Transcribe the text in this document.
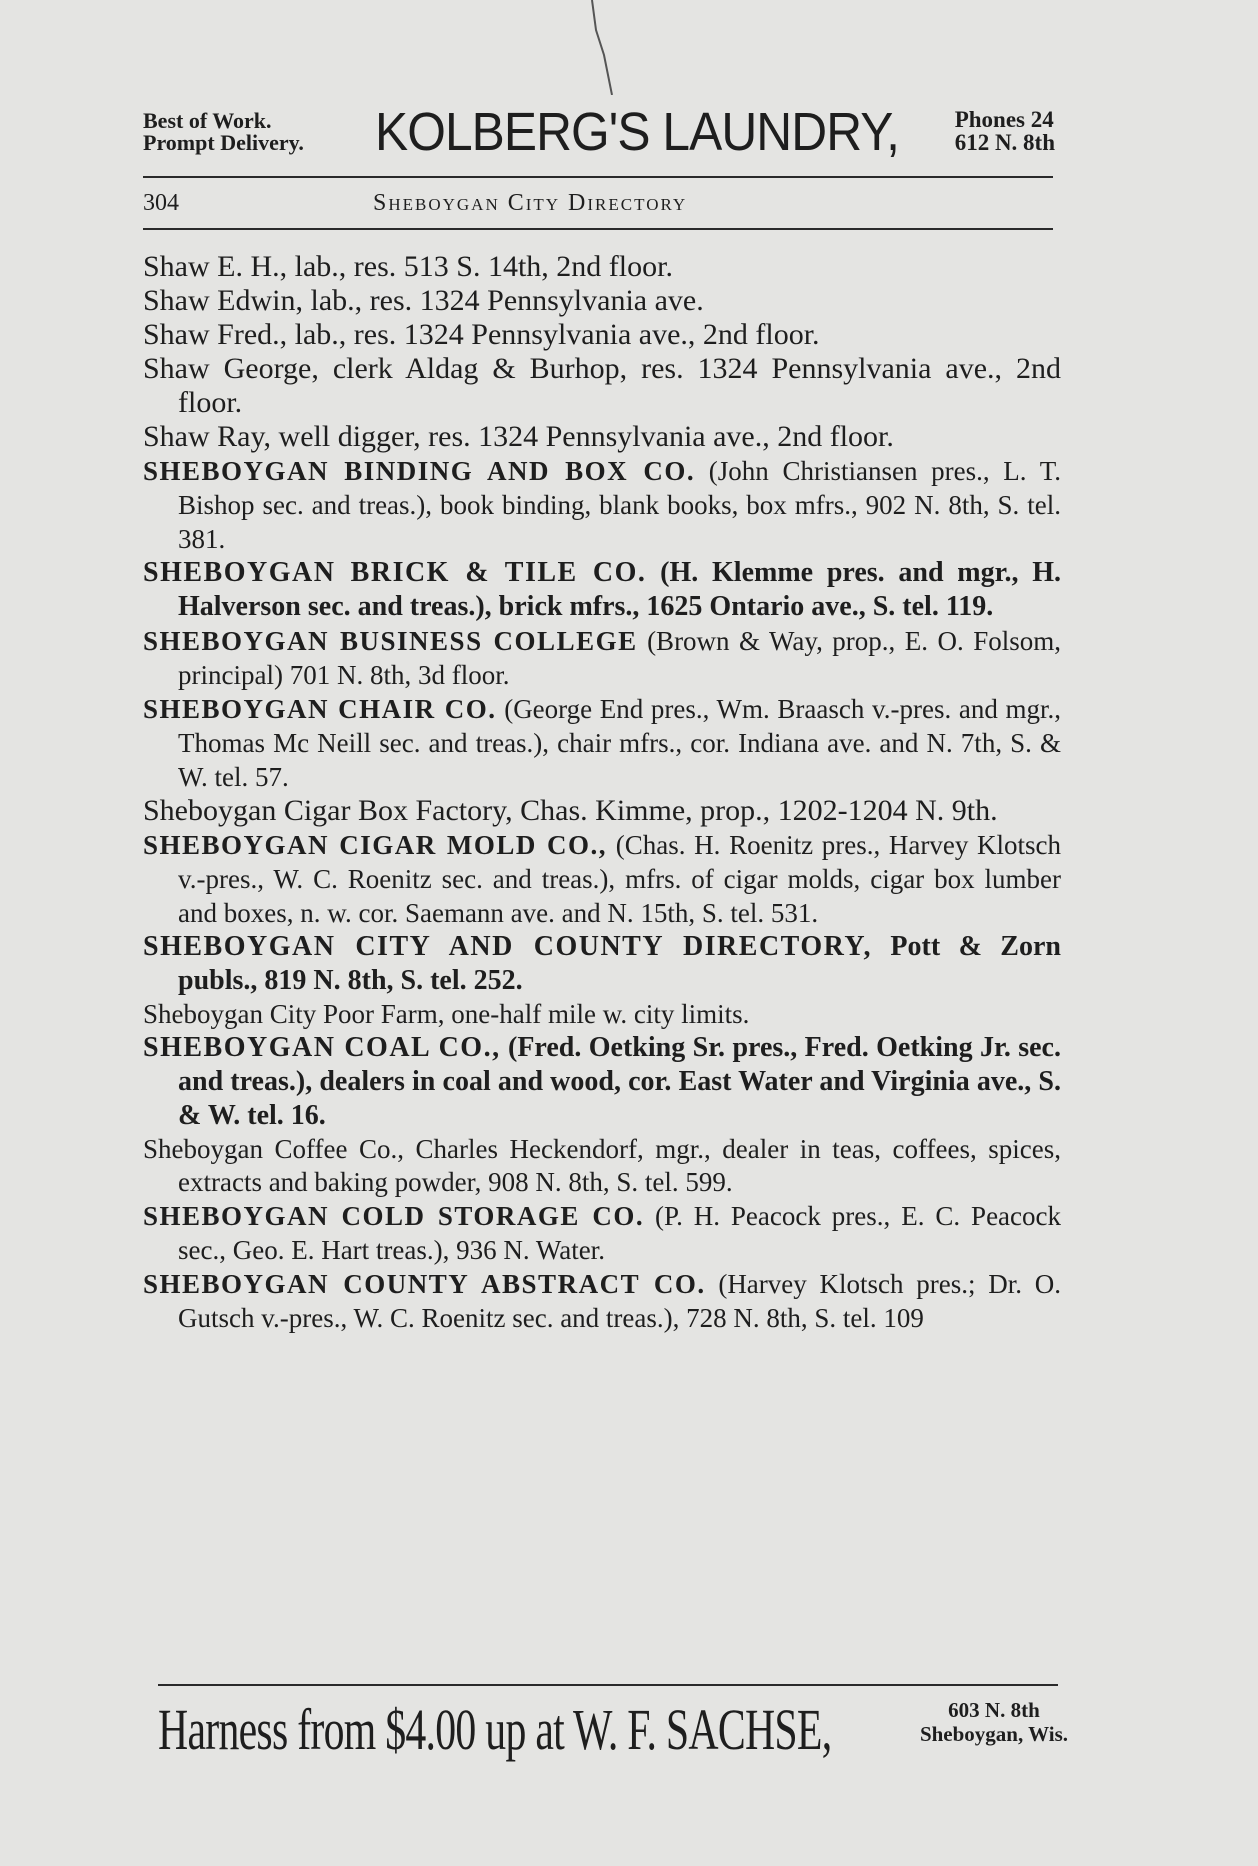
Best of Work.
Prompt Delivery. KOLBERG'S LAUNDRY, Phones 24
612 N. 8th
304	Sheboygan City Directory
Shaw E. H., lab., res. 513 S. 14th, 2nd floor.
Shaw Edwin, lab., res. 1324 Pennsylvania ave.
Shaw Fred., lab., res. 1324 Pennsylvania ave., 2nd floor.
Shaw George, clerk Aldag & Burhop, res. 1324 Pennsylvania ave., 2nd floor.
Shaw Ray, well digger, res. 1324 Pennsylvania ave., 2nd floor.
SHEBOYGAN BINDING AND BOX CO. (John Christiansen pres., L. T. Bishop sec. and treas.), book binding, blank books, box mfrs., 902 N. 8th, S. tel. 381.
SHEBOYGAN BRICK & TILE CO. (H. Klemme pres. and mgr., H. Halverson sec. and treas.), brick mfrs., 1625 Ontario ave., S. tel. 119.
SHEBOYGAN BUSINESS COLLEGE (Brown & Way, prop., E. O. Folsom, principal) 701 N. 8th, 3d floor.
SHEBOYGAN CHAIR CO. (George End pres., Wm. Braasch v.-pres. and mgr., Thomas Mc Neill sec. and treas.), chair mfrs., cor. Indiana ave. and N. 7th, S. & W. tel. 57.
Sheboygan Cigar Box Factory, Chas. Kimme, prop., 1202-1204 N. 9th.
SHEBOYGAN CIGAR MOLD CO., (Chas. H. Roenitz pres., Harvey Klotsch v.-pres., W. C. Roenitz sec. and treas.), mfrs. of cigar molds, cigar box lumber and boxes, n. w. cor. Saemann ave. and N. 15th, S. tel. 531.
SHEBOYGAN CITY AND COUNTY DIRECTORY, Pott & Zorn publs., 819 N. 8th, S. tel. 252.
Sheboygan City Poor Farm, one-half mile w. city limits.
SHEBOYGAN COAL CO., (Fred. Oetking Sr. pres., Fred. Oetking Jr. sec. and treas.), dealers in coal and wood, cor. East Water and Virginia ave., S. & W. tel. 16.
Sheboygan Coffee Co., Charles Heckendorf, mgr., dealer in teas, coffees, spices, extracts and baking powder, 908 N. 8th, S. tel. 599.
SHEBOYGAN COLD STORAGE CO. (P. H. Peacock pres., E. C. Peacock sec., Geo. E. Hart treas.), 936 N. Water.
SHEBOYGAN COUNTY ABSTRACT CO. (Harvey Klotsch pres.; Dr. O. Gutsch v.-pres., W. C. Roenitz sec. and treas.), 728 N. 8th, S. tel. 109
Harness from $4.00 up at W. F. SACHSE,	603 N. 8th
Sheboygan, Wis.
